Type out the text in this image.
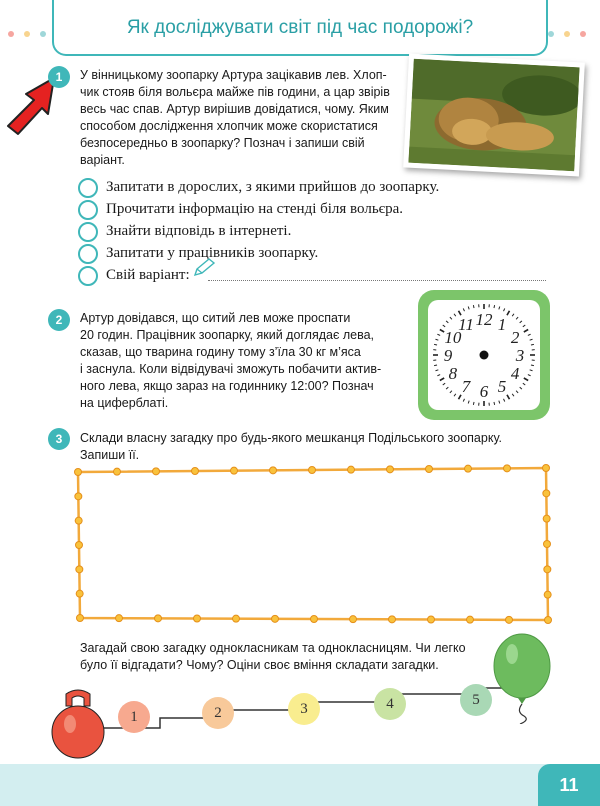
Як досліджувати світ під час подорожі?
1	У вінницькому зоопарку Артура зацікавив лев. Хлоп-
чик стояв біля вольєра майже пів години, а цар звірів
весь час спав. Артур вирішив довідатися, чому. Яким
способом дослідження хлопчик може скористатися
безпосередньо в зоопарку? Познач і запиши свій
варіант.
Запитати в дорослих, з якими прийшов до зоопарку.
Прочитати інформацію на стенді біля вольєра.
Знайти відповідь в інтернеті.
Запитати у працівників зоопарку.
Свій варіант:
2	Артур довідався, що ситий лев може проспати
20 годин. Працівник зоопарку, який доглядає лева,
сказав, що тварина годину тому з’їла 30 кг м’яса
і заснула. Коли відвідувачі зможуть побачити актив-
ного лева, якщо зараз на годиннику 12:00? Познач
на циферблаті.
12 1
2
3
4
5
6
7
8
9
10
11
3	Склади власну загадку про будь-якого мешканця Подільського зоопарку.
Запиши її.
Загадай свою загадку однокласникам та однокласницям. Чи легко
було її відгадати? Чому? Оціни своє вміння складати загадки.
1	2	3	4	5
11
